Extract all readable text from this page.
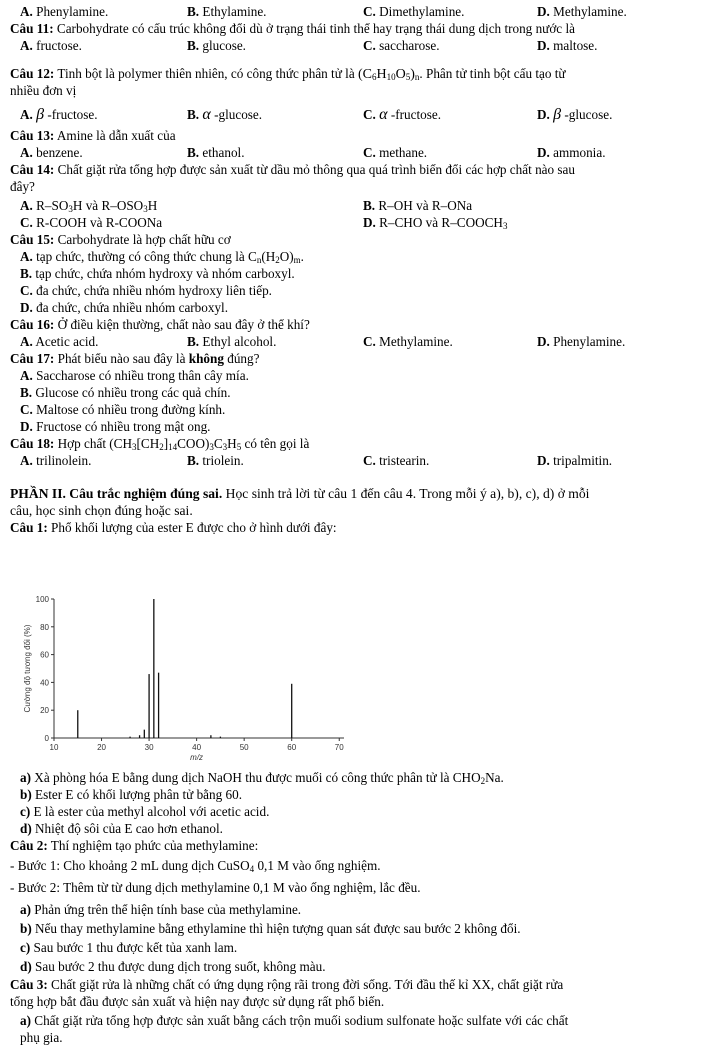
A. Phenylamine.	B. Ethylamine.	C. Dimethylamine.	D. Methylamine.
Câu 11: Carbohydrate có cấu trúc không đổi dù ở trạng thái tinh thể hay trạng thái dung dịch trong nước là
A. fructose.	B. glucose.	C. saccharose.	D. maltose.
Câu 12: Tinh bột là polymer thiên nhiên, có công thức phân tử là $(C_6H_{10}O_5)_n$. Phân tử tinh bột cấu tạo từ
nhiều đơn vị
A. β -fructose.	B. α -glucose.	C. α -fructose.	D. β -glucose.
Câu 13: Amine là dẫn xuất của
A. benzene.	B. ethanol.	C. methane.	D. ammonia.
Câu 14: Chất giặt rửa tổng hợp được sản xuất từ dầu mỏ thông qua quá trình biến đổi các hợp chất nào sau
đây?
A. $R-SO_3H$ và $R-OSO_3H$	B. R–OH và R–ONa
C. R-COOH và R-COONa	D. R–CHO và $R-COOCH_3$
Câu 15: Carbohydrate là hợp chất hữu cơ
A. tạp chức, thường có công thức chung là $C_n(H_2O)_m$.
B. tạp chức, chứa nhóm hydroxy và nhóm carboxyl.
C. đa chức, chứa nhiều nhóm hydroxy liên tiếp.
D. đa chức, chứa nhiều nhóm carboxyl.
Câu 16: Ở điều kiện thường, chất nào sau đây ở thể khí?
A. Acetic acid.	B. Ethyl alcohol.	C. Methylamine.	D. Phenylamine.
Câu 17: Phát biểu nào sau đây là không đúng?
A. Saccharose có nhiều trong thân cây mía.
B. Glucose có nhiều trong các quả chín.
C. Maltose có nhiều trong đường kính.
D. Fructose có nhiều trong mật ong.
Câu 18: Hợp chất $(CH_3[CH_2]_{14}COO)_3C_3H_5$ có tên gọi là
A. trilinolein.	B. triolein.	C. tristearin.	D. tripalmitin.
PHẦN II. Câu trắc nghiệm đúng sai. Học sinh trả lời từ câu 1 đến câu 4. Trong mỗi ý a), b), c), d) ở mỗi
câu, học sinh chọn đúng hoặc sai.
Câu 1: Phổ khối lượng của ester E được cho ở hình dưới đây:
0
20
40
60
80
100
10	20	30	40	50	60	70
m/z
Cường độ tương đối (%)
a) Xà phòng hóa E bằng dung dịch NaOH thu được muối có công thức phân tử là $CHO_2Na$.
b) Ester E có khối lượng phân tử bằng 60.
c) E là ester của methyl alcohol với acetic acid.
d) Nhiệt độ sôi của E cao hơn ethanol.
Câu 2: Thí nghiệm tạo phức của methylamine:
- Bước 1: Cho khoảng 2 mL dung dịch CuSO$_4$ 0,1 M vào ống nghiệm.
- Bước 2: Thêm từ từ dung dịch methylamine 0,1 M vào ống nghiệm, lắc đều.
a) Phản ứng trên thể hiện tính base của methylamine.
b) Nếu thay methylamine bằng ethylamine thì hiện tượng quan sát được sau bước 2 không đổi.
c) Sau bước 1 thu được kết tủa xanh lam.
d) Sau bước 2 thu được dung dịch trong suốt, không màu.
Câu 3: Chất giặt rửa là những chất có ứng dụng rộng rãi trong đời sống. Tới đầu thế kỉ XX, chất giặt rửa
tổng hợp bắt đầu được sản xuất và hiện nay được sử dụng rất phổ biến.
a) Chất giặt rửa tổng hợp được sản xuất bằng cách trộn muối sodium sulfonate hoặc sulfate với các chất
phụ gia.
